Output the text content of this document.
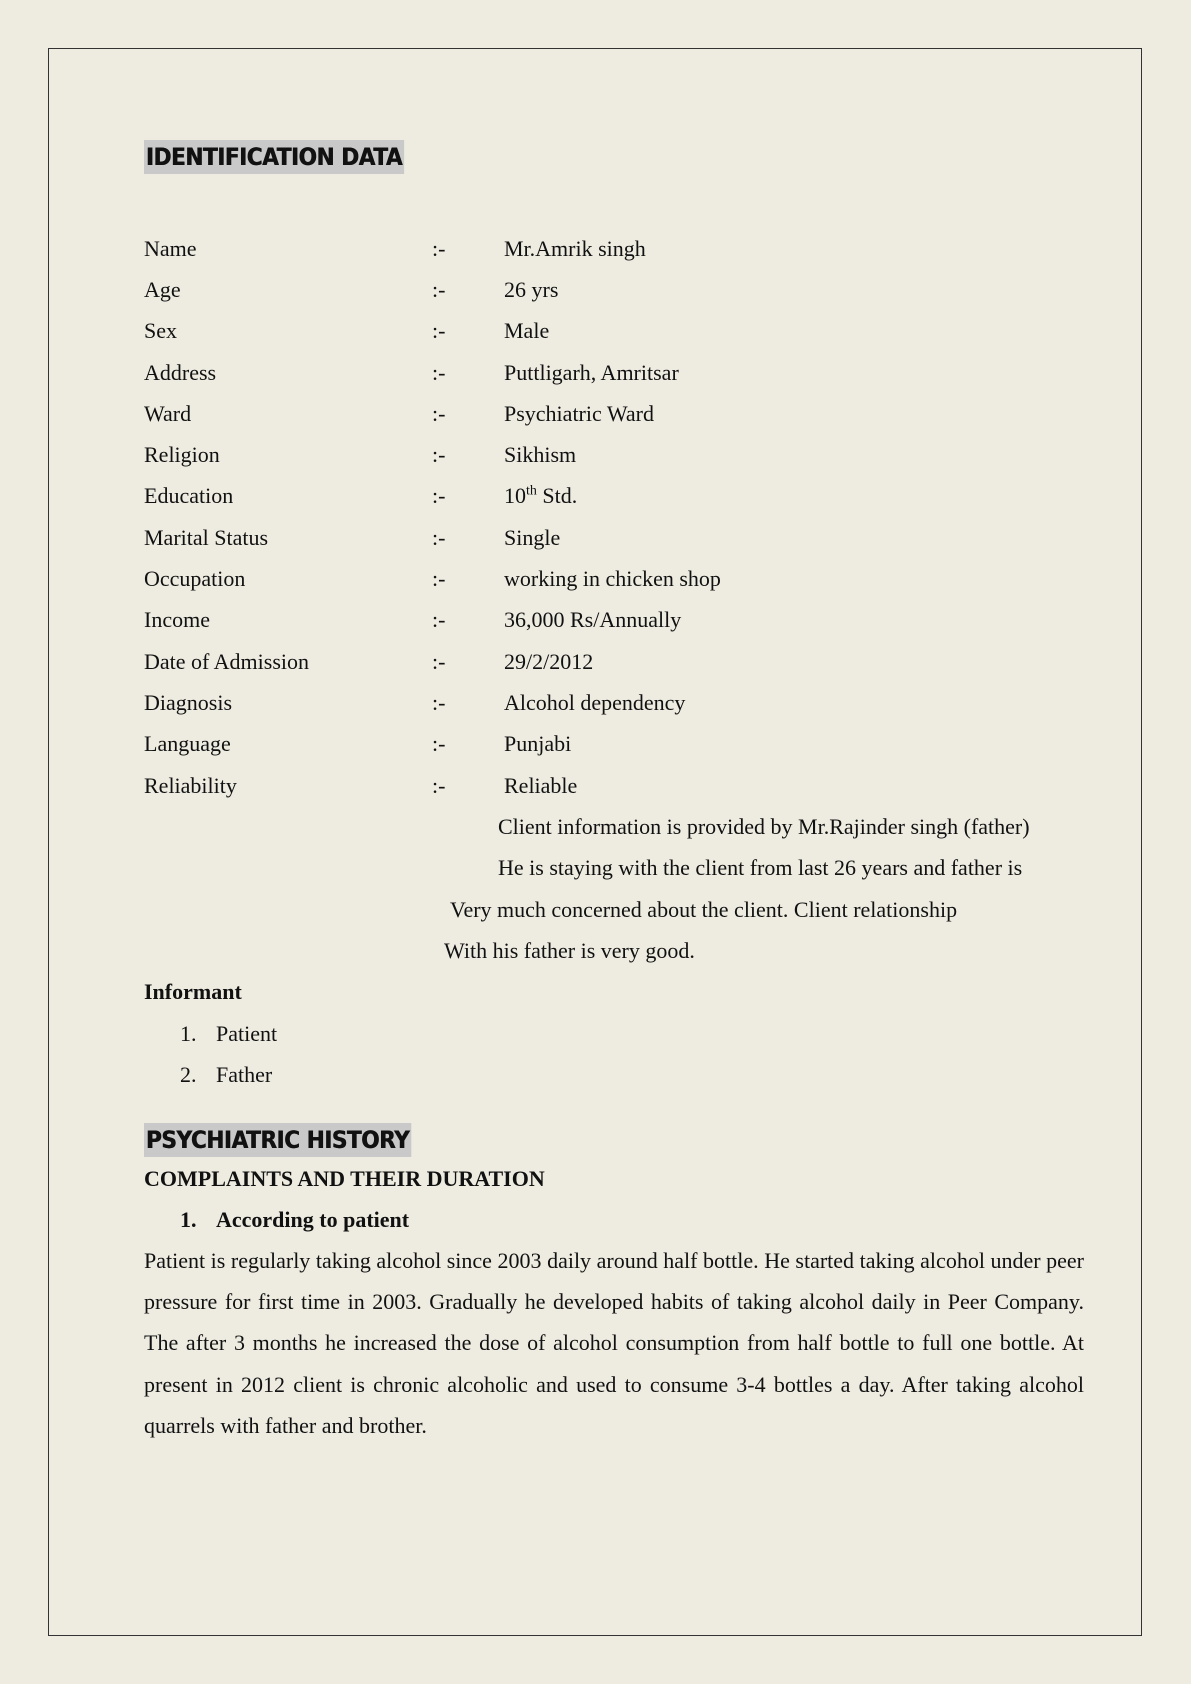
IDENTIFICATION DATA
Name	:-	Mr.Amrik singh
Age	:-	26 yrs
Sex	:-	Male
Address	:-	Puttligarh, Amritsar
Ward	:-	Psychiatric Ward
Religion	:-	Sikhism
Education	:-	10th Std.
Marital Status	:-	Single
Occupation	:-	working in chicken shop
Income	:-	36,000 Rs/Annually
Date of Admission	:-	29/2/2012
Diagnosis	:-	Alcohol dependency
Language	:-	Punjabi
Reliability	:-	Reliable
Client information is provided by Mr.Rajinder singh (father)
He is staying with the client from last 26 years and father is
Very much concerned about the client. Client relationship
With his father is very good.
Informant
1. Patient
2. Father
PSYCHIATRIC HISTORY
COMPLAINTS AND THEIR DURATION
1. According to patient

Patient is regularly taking alcohol since 2003 daily around half bottle. He started taking alcohol under peer pressure for first time in 2003. Gradually he developed habits of taking alcohol daily in Peer Company. The after 3 months he increased the dose of alcohol consumption from half bottle to full one bottle. At present in 2012 client is chronic alcoholic and used to consume 3-4 bottles a day. After taking alcohol quarrels with father and brother.
